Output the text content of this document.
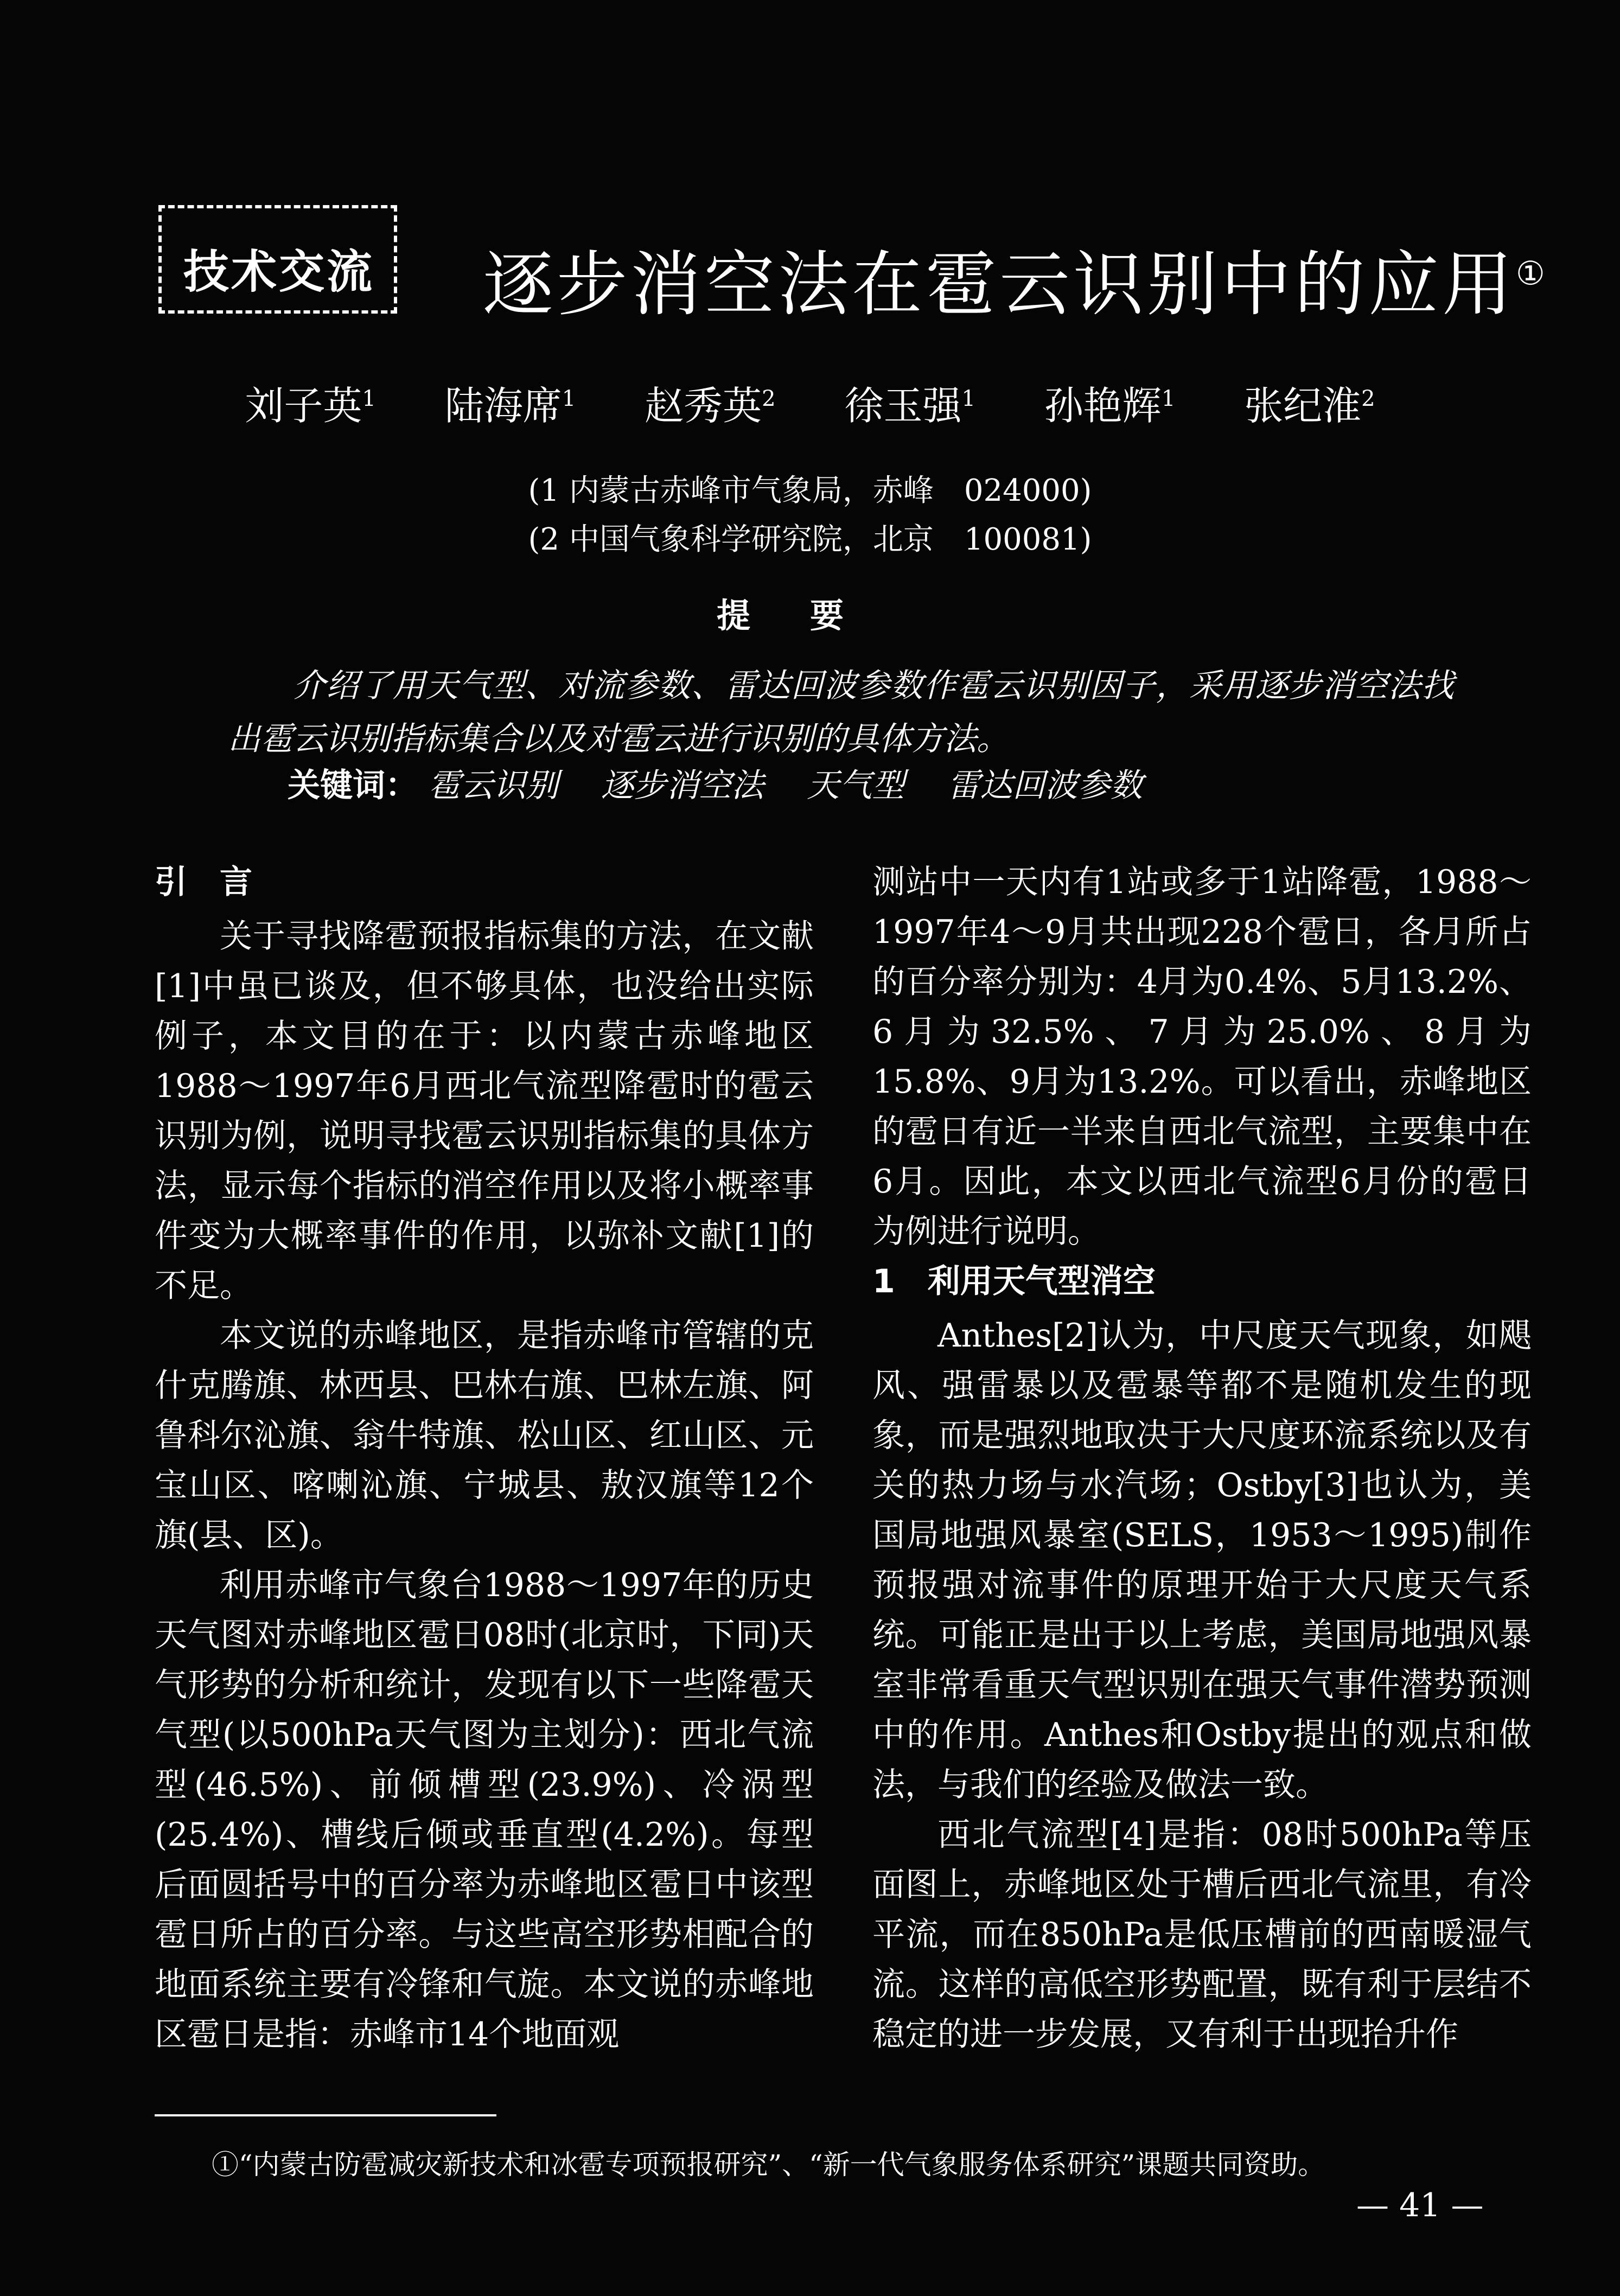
技术交流 逐步消空法在雹云识别中的应用①
刘子英$^1$ 陆海席$^1$ 赵秀英$^2$ 徐玉强$^1$ 孙艳辉$^1$ 张纪淮$^2$
(1 内蒙古赤峰市气象局，赤峰　024000)
(2 中国气象科学研究院，北京　100081)
提要
介绍了用天气型、对流参数、雷达回波参数作雹云识别因子，采用逐步消空法找出雹云识别指标集合以及对雹云进行识别的具体方法。
关键词： 雹云识别 逐步消空法 天气型 雷达回波参数
引 言

关于寻找降雹预报指标集的方法，在文献[1]中虽已谈及，但不够具体，也没给出实际例子，本文目的在于：以内蒙古赤峰地区1988～1997年6月西北气流型降雹时的雹云识别为例，说明寻找雹云识别指标集的具体方法，显示每个指标的消空作用以及将小概率事件变为大概率事件的作用，以弥补文献[1]的不足。

本文说的赤峰地区，是指赤峰市管辖的克什克腾旗、林西县、巴林右旗、巴林左旗、阿鲁科尔沁旗、翁牛特旗、松山区、红山区、元宝山区、喀喇沁旗、宁城县、敖汉旗等12个旗(县、区)。

利用赤峰市气象台1988～1997年的历史天气图对赤峰地区雹日08时(北京时，下同)天气形势的分析和统计，发现有以下一些降雹天气型(以500hPa天气图为主划分)：西北气流型(46.5%)、前倾槽型(23.9%)、冷涡型(25.4%)、槽线后倾或垂直型(4.2%)。每型后面圆括号中的百分率为赤峰地区雹日中该型雹日所占的百分率。与这些高空形势相配合的地面系统主要有冷锋和气旋。本文说的赤峰地区雹日是指：赤峰市14个地面观

测站中一天内有1站或多于1站降雹，1988～1997年4～9月共出现228个雹日，各月所占的百分率分别为：4月为0.4%、5月13.2%、6月为32.5%、7月为25.0%、8月为15.8%、9月为13.2%。可以看出，赤峰地区的雹日有近一半来自西北气流型，主要集中在6月。因此，本文以西北气流型6月份的雹日为例进行说明。

1 利用天气型消空

Anthes[2]认为，中尺度天气现象，如飓风、强雷暴以及雹暴等都不是随机发生的现象，而是强烈地取决于大尺度环流系统以及有关的热力场与水汽场；Ostby[3]也认为，美国局地强风暴室(SELS，1953～1995)制作预报强对流事件的原理开始于大尺度天气系统。可能正是出于以上考虑，美国局地强风暴室非常看重天气型识别在强天气事件潜势预测中的作用。Anthes和Ostby提出的观点和做法，与我们的经验及做法一致。

西北气流型[4]是指：08时500hPa等压面图上，赤峰地区处于槽后西北气流里，有冷平流，而在850hPa是低压槽前的西南暖湿气流。这样的高低空形势配置，既有利于层结不稳定的进一步发展，又有利于出现抬升作

①“内蒙古防雹减灾新技术和冰雹专项预报研究”、“新一代气象服务体系研究”课题共同资助。
— 41 —
